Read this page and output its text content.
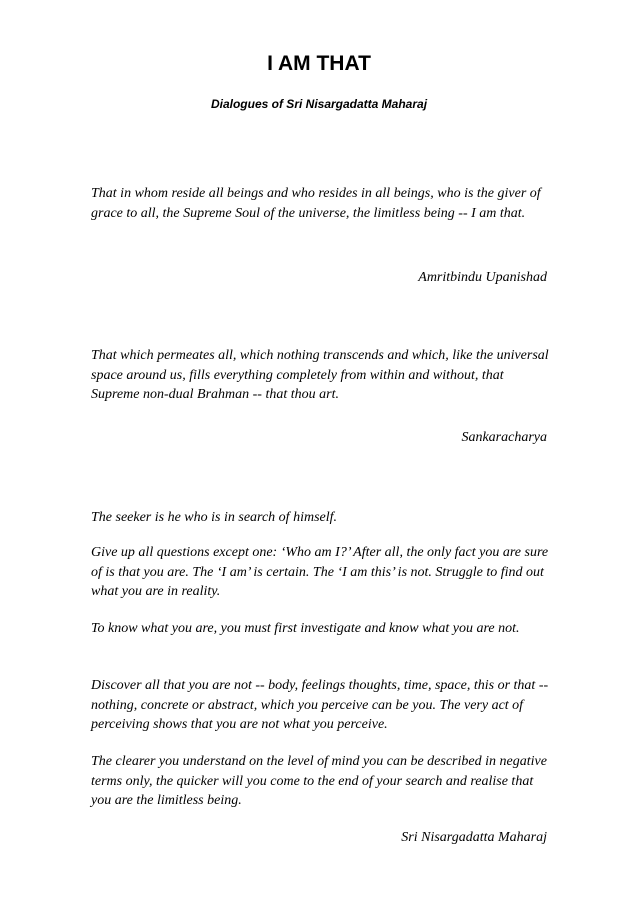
I AM THAT

Dialogues of Sri Nisargadatta Maharaj

That in whom reside all beings and who resides in all beings, who is the giver of grace to all, the Supreme Soul of the universe, the limitless being -- I am that.

Amritbindu Upanishad

That which permeates all, which nothing transcends and which, like the universal space around us, fills everything completely from within and without, that Supreme non-dual Brahman -- that thou art.

Sankaracharya

The seeker is he who is in search of himself.

Give up all questions except one: ‘Who am I?’ After all, the only fact you are sure of is that you are. The ‘I am’ is certain. The ‘I am this’ is not. Struggle to find out what you are in reality.

To know what you are, you must first investigate and know what you are not.

Discover all that you are not -- body, feelings thoughts, time, space, this or that -- nothing, concrete or abstract, which you perceive can be you. The very act of perceiving shows that you are not what you perceive.

The clearer you understand on the level of mind you can be described in negative terms only, the quicker will you come to the end of your search and realise that you are the limitless being.

Sri Nisargadatta Maharaj
